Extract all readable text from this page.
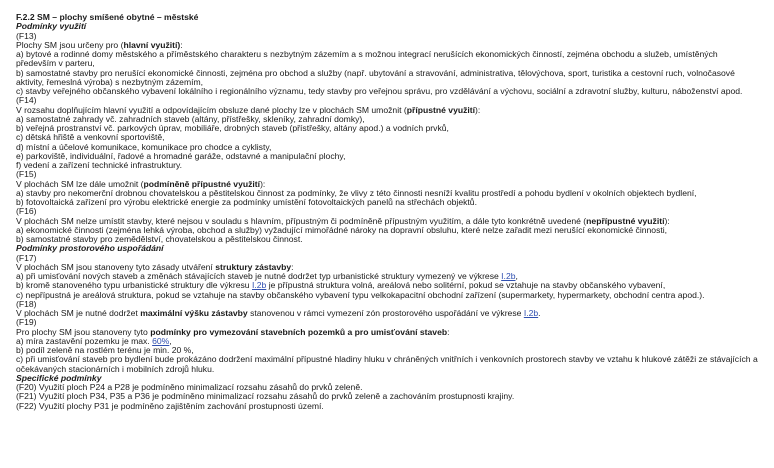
F.2.2 SM – plochy smíšené obytné – městské
Podmínky využití
(F13)
Plochy SM jsou určeny pro (hlavní využití):
a) bytové a rodinné domy městského a příměstského charakteru s nezbytným zázemím a s možnou integrací nerušících ekonomických činností, zejména obchodu a služeb, umístěných především v parteru,
b) samostatné stavby pro nerušící ekonomické činnosti, zejména pro obchod a služby (např. ubytování a stravování, administrativa, tělovýchova, sport, turistika a cestovní ruch, volnočasové aktivity, řemeslná výroba) s nezbytným zázemím,
c) stavby veřejného občanského vybavení lokálního i regionálního významu, tedy stavby pro veřejnou správu, pro vzdělávání a výchovu, sociální a zdravotní služby, kulturu, náboženství apod.
(F14)
V rozsahu doplňujícím hlavní využití a odpovídajícím obsluze dané plochy lze v plochách SM umožnit (přípustné využití):
a) samostatné zahrady vč. zahradních staveb (altány, přístřešky, skleníky, zahradní domky),
b) veřejná prostranství vč. parkových úprav, mobiliáře, drobných staveb (přístřešky, altány apod.) a vodních prvků,
c) dětská hřiště a venkovní sportoviště,
d) místní a účelové komunikace, komunikace pro chodce a cyklisty,
e) parkoviště, individuální, řadové a hromadné garáže, odstavné a manipulační plochy,
f) vedení a zařízení technické infrastruktury.
(F15)
V plochách SM lze dále umožnit (podmíněně přípustné využití):
a) stavby pro nekomerční drobnou chovatelskou a pěstitelskou činnost za podmínky, že vlivy z této činnosti nesníží kvalitu prostředí a pohodu bydlení v okolních objektech bydlení,
b) fotovoltaická zařízení pro výrobu elektrické energie za podmínky umístění fotovoltaických panelů na střechách objektů.
(F16)
V plochách SM nelze umístit stavby, které nejsou v souladu s hlavním, přípustným či podmíněně přípustným využitím, a dále tyto konkrétně uvedené (nepřípustné využití):
a) ekonomické činnosti (zejména lehká výroba, obchod a služby) vyžadující mimořádné nároky na dopravní obsluhu, které nelze zařadit mezi nerušící ekonomické činnosti,
b) samostatné stavby pro zemědělství, chovatelskou a pěstitelskou činnost.
Podmínky prostorového uspořádání
(F17)
V plochách SM jsou stanoveny tyto zásady utváření struktury zástavby:
a) při umisťování nových staveb a změnách stávajících staveb je nutné dodržet typ urbanistické struktury vymezený ve výkrese I.2b,
b) kromě stanoveného typu urbanistické struktury dle výkresu I.2b je přípustná struktura volná, areálová nebo solitérní, pokud se vztahuje na stavby občanského vybavení,
c) nepřípustná je areálová struktura, pokud se vztahuje na stavby občanského vybavení typu velkokapacitní obchodní zařízení (supermarkety, hypermarkety, obchodní centra apod.).
(F18)
V plochách SM je nutné dodržet maximální výšku zástavby stanovenou v rámci vymezení zón prostorového uspořádání ve výkrese I.2b.
(F19)
Pro plochy SM jsou stanoveny tyto podmínky pro vymezování stavebních pozemků a pro umisťování staveb:
a) míra zastavění pozemku je max. 60%,
b) podíl zeleně na rostlém terénu je min. 20 %,
c) při umisťování staveb pro bydlení bude prokázáno dodržení maximální přípustné hladiny hluku v chráněných vnitřních i venkovních prostorech stavby ve vztahu k hlukové zátěži ze stávajících a očekávaných stacionárních i mobilních zdrojů hluku.
Specifické podmínky
(F20) Využití ploch P24 a P28 je podmíněno minimalizací rozsahu zásahů do prvků zeleně.
(F21) Využití ploch P34, P35 a P36 je podmíněno minimalizací rozsahu zásahů do prvků zeleně a zachováním prostupnosti krajiny.
(F22) Využití plochy P31 je podmíněno zajištěním zachování prostupnosti území.
